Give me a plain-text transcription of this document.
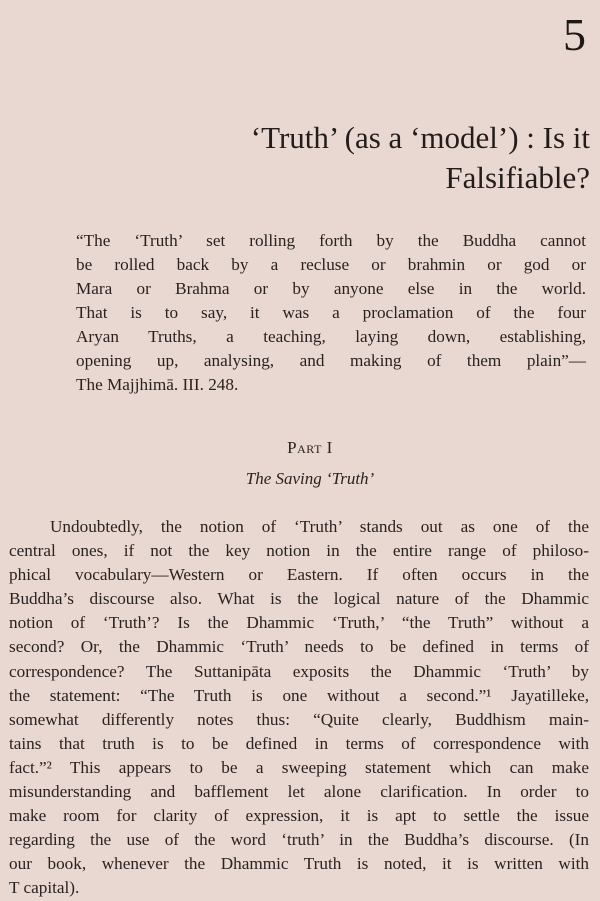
5
‘Truth’ (as a ‘model’) : Is it
Falsifiable?
“The ‘Truth’ set rolling forth by the Buddha cannot
be rolled back by a recluse or brahmin or god or
Mara or Brahma or by anyone else in the world.
That is to say, it was a proclamation of the four
Aryan Truths, a teaching, laying down, establishing,
opening up, analysing, and making of them plain”—
The Majjhimā. III. 248.
Part I
The Saving ‘Truth’
Undoubtedly, the notion of ‘Truth’ stands out as one of the
central ones, if not the key notion in the entire range of philoso-
phical vocabulary—Western or Eastern. If often occurs in the
Buddha’s discourse also. What is the logical nature of the Dhammic
notion of ‘Truth’? Is the Dhammic ‘Truth,’ “the Truth” without a
second? Or, the Dhammic ‘Truth’ needs to be defined in terms of
correspondence? The Suttanipāta exposits the Dhammic ‘Truth’ by
the statement: “The Truth is one without a second.”¹ Jayatilleke,
somewhat differently notes thus: “Quite clearly, Buddhism main-
tains that truth is to be defined in terms of correspondence with
fact.”² This appears to be a sweeping statement which can make
misunderstanding and bafflement let alone clarification. In order to
make room for clarity of expression, it is apt to settle the issue
regarding the use of the word ‘truth’ in the Buddha’s discourse. (In
our book, whenever the Dhammic Truth is noted, it is written with
T capital).
